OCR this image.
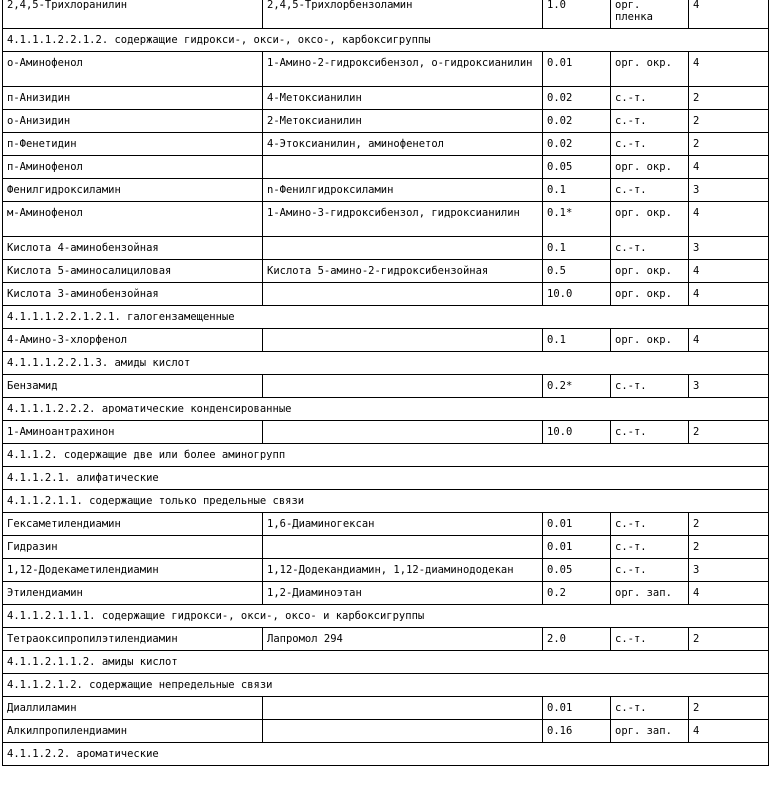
2,4,5-Трихлоранилин	2,4,5-Трихлорбензоламин	1.0	орг. пленка	4
4.1.1.1.2.2.1.2. содержащие гидрокси-, окси-, оксо-, карбоксигруппы				
о-Аминофенол	1-Амино-2-гидроксибензол, о-гидроксианилин	0.01	орг. окр.	4
п-Анизидин	4-Метоксианилин	0.02	с.-т.	2
о-Анизидин	2-Метоксианилин	0.02	с.-т.	2
п-Фенетидин	4-Этоксианилин, аминофенетол	0.02	с.-т.	2
п-Аминофенол		0.05	орг. окр.	4
Фенилгидроксиламин	n-Фенилгидроксиламин	0.1	с.-т.	3
м-Аминофенол	1-Амино-3-гидроксибензол, гидроксианилин	0.1*	орг. окр.	4
Кислота 4-аминобензойная		0.1	с.-т.	3
Кислота 5-аминосалициловая	Кислота 5-амино-2-гидроксибензойная	0.5	орг. окр.	4
Кислота 3-аминобензойная		10.0	орг. окр.	4
4.1.1.1.2.2.1.2.1. галогензамещенные				
4-Амино-3-хлорфенол		0.1	орг. окр.	4
4.1.1.1.2.2.1.3. амиды кислот				
Бензамид		0.2*	с.-т.	3
4.1.1.1.2.2.2. ароматические конденсированные				
1-Аминоантрахинон		10.0	с.-т.	2
4.1.1.2. содержащие две или более аминогрупп				
4.1.1.2.1. алифатические				
4.1.1.2.1.1. содержащие только предельные связи				
Гексаметилендиамин	1,6-Диаминогексан	0.01	с.-т.	2
Гидразин		0.01	с.-т.	2
1,12-Додекаметилендиамин	1,12-Додекандиамин, 1,12-диаминододекан	0.05	с.-т.	3
Этилендиамин	1,2-Диаминоэтан	0.2	орг. зап.	4
4.1.1.2.1.1.1. содержащие гидрокси-, окси-, оксо- и карбоксигруппы				
Тетраоксипропилэтилендиамин	Лапромол 294	2.0	с.-т.	2
4.1.1.2.1.1.2. амиды кислот				
4.1.1.2.1.2. содержащие непредельные связи				
Диаллиламин		0.01	с.-т.	2
Алкилпропилендиамин		0.16	орг. зап.	4
4.1.1.2.2. ароматические				
